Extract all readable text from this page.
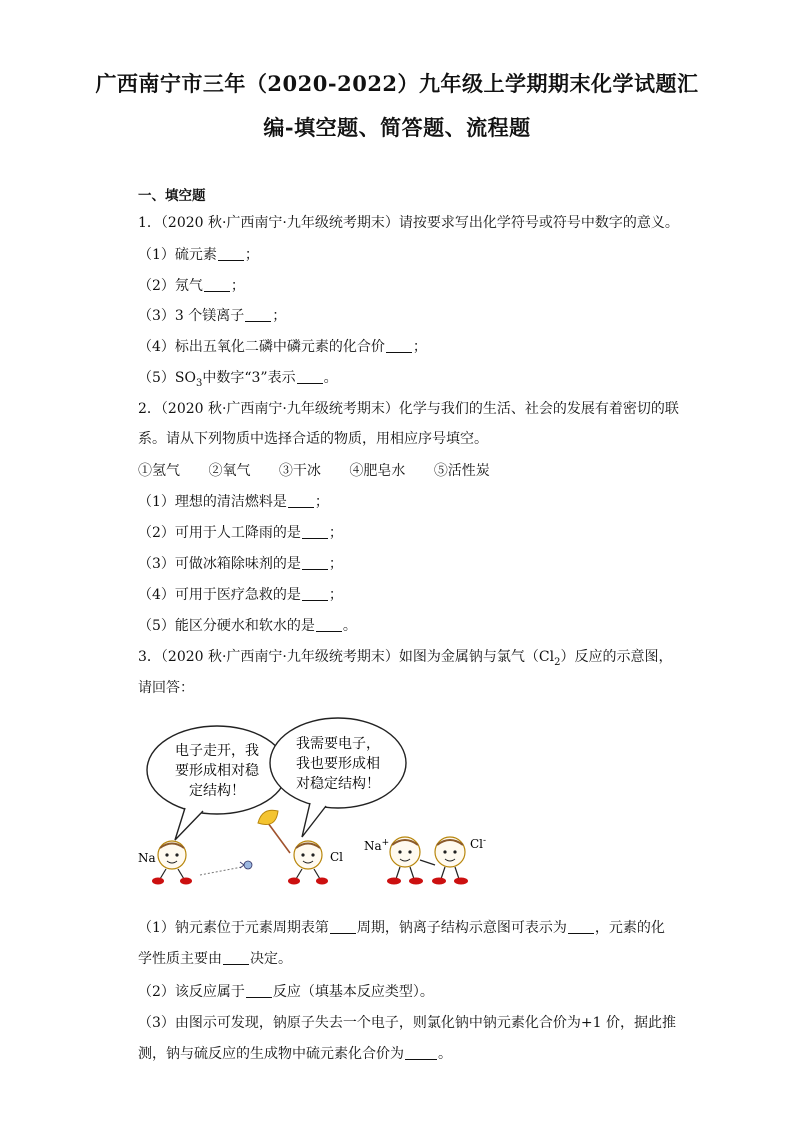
广西南宁市三年（2020-2022）九年级上学期期末化学试题汇
编-填空题、简答题、流程题
一、填空题
1．（2020 秋·广西南宁·九年级统考期末）请按要求写出化学符号或符号中数字的意义。
（1）硫元素 ；
（2）氖气 ；
（3）3 个镁离子 ；
（4）标出五氧化二磷中磷元素的化合价 ；
$(5)SO_3$中数字“3”表示 。
2．（2020 秋·广西南宁·九年级统考期末）化学与我们的生活、社会的发展有着密切的联
系。请从下列物质中选择合适的物质，用相应序号填空。
①氢气 ②氧气 ③干冰 ④肥皂水 ⑤活性炭
（1）理想的清洁燃料是 ；
（2）可用于人工降雨的是 ；
（3）可做冰箱除味剂的是 ；
（4）可用于医疗急救的是 ；
（5）能区分硬水和软水的是 。
3．（2020 秋·广西南宁·九年级统考期末）如图为金属钠与氯气$(Cl_2)$反应的示意图，
请回答：
电子走开，我
要形成相对稳
定结构！
我需要电子，
我也要形成相
对稳定结构！
Na	Cl
Na+	Cl-
（1）钠元素位于元素周期表第 周期，钠离子结构示意图可表示为 ，元素的化
学性质主要由 决定。
（2）该反应属于 反应（填基本反应类型）。
（3）由图示可发现，钠原子失去一个电子，则氯化钠中钠元素化合价为+1 价，据此推
测，钠与硫反应的生成物中硫元素化合价为 。
